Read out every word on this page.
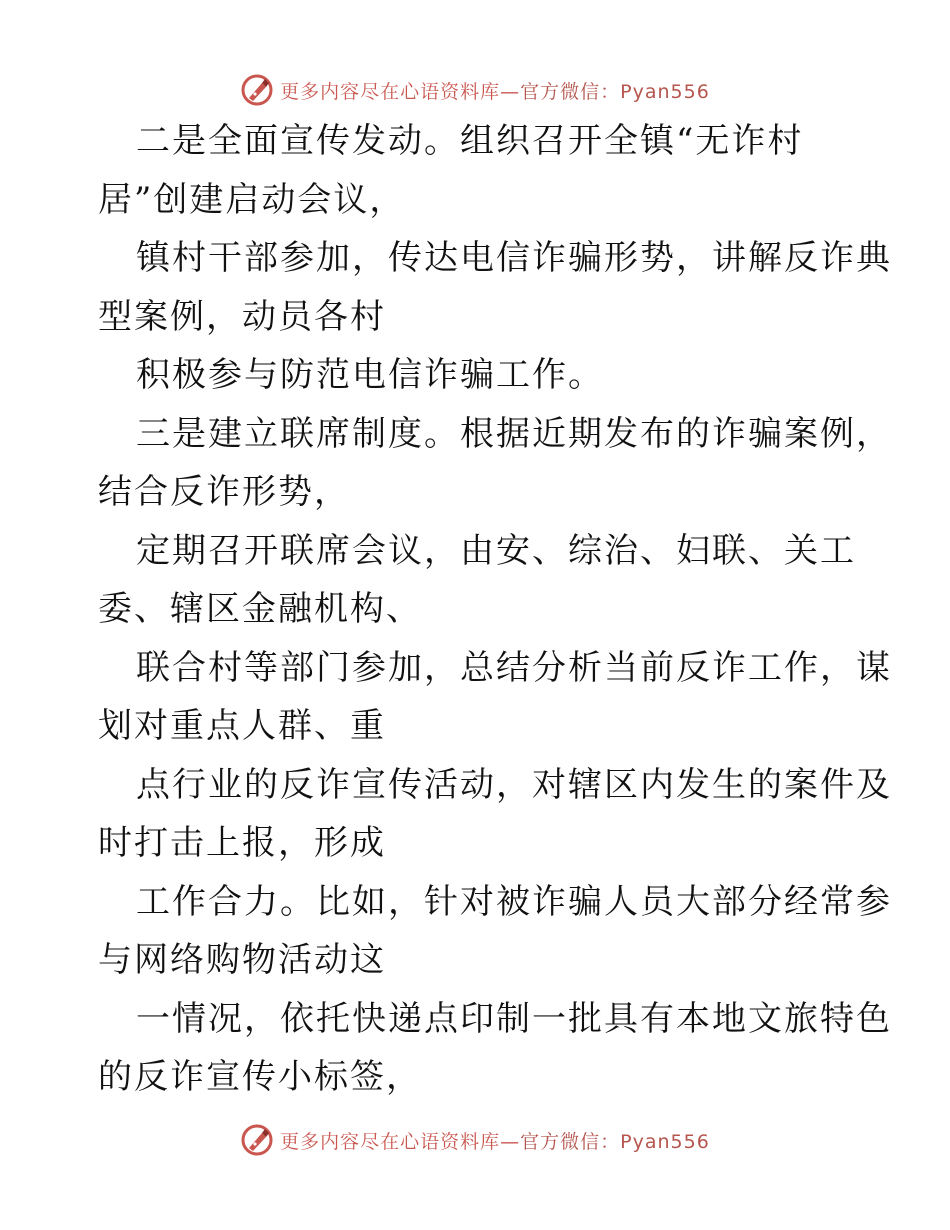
更多内容尽在心语资料库—官方微信：Pyan556
二是全面宣传发动。组织召开全镇“无诈村
居”创建启动会议，
镇村干部参加，传达电信诈骗形势，讲解反诈典
型案例，动员各村
积极参与防范电信诈骗工作。
三是建立联席制度。根据近期发布的诈骗案例，
结合反诈形势，
定期召开联席会议，由安、综治、妇联、关工
委、辖区金融机构、
联合村等部门参加，总结分析当前反诈工作，谋
划对重点人群、重
点行业的反诈宣传活动，对辖区内发生的案件及
时打击上报，形成
工作合力。比如，针对被诈骗人员大部分经常参
与网络购物活动这
一情况，依托快递点印制一批具有本地文旅特色
的反诈宣传小标签，
更多内容尽在心语资料库—官方微信：Pyan556
